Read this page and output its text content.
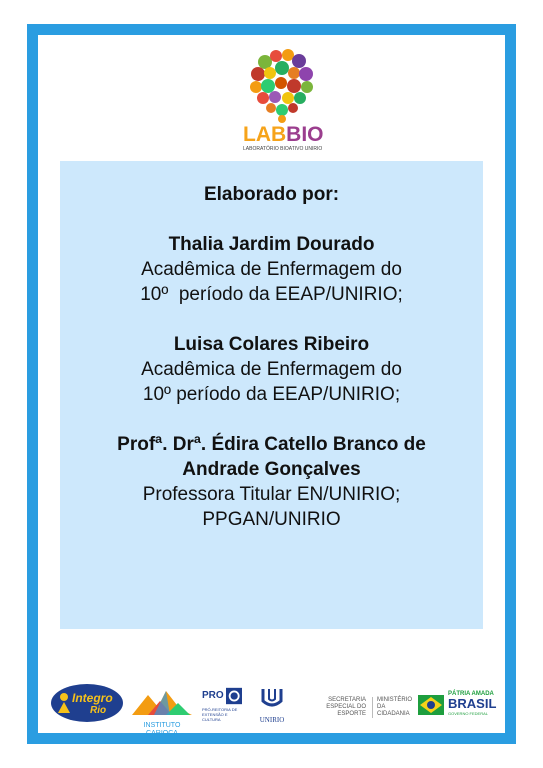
LABBIO
LABORATÓRIO BIOATIVO UNIRIO
Elaborado por:
Thalia Jardim Dourado
Acadêmica de Enfermagem do
10º  período da EEAP/UNIRIO;
Luisa Colares Ribeiro
Acadêmica de Enfermagem do
10º período da EEAP/UNIRIO;
Profª. Drª. Édira Catello Branco de
Andrade Gonçalves
Professora Titular EN/UNIRIO;
PPGAN/UNIRIO
Integro
Rio
INSTITUTO CARIOCA
PRO
PRÓ-REITORIA DE EXTENSÃO E CULTURA	UNIRIO
SECRETARIA ESPECIAL DO
ESPORTE
MINISTÉRIO DA
CIDADANIA
PÁTRIA AMADA
BRASIL
GOVERNO FEDERAL
